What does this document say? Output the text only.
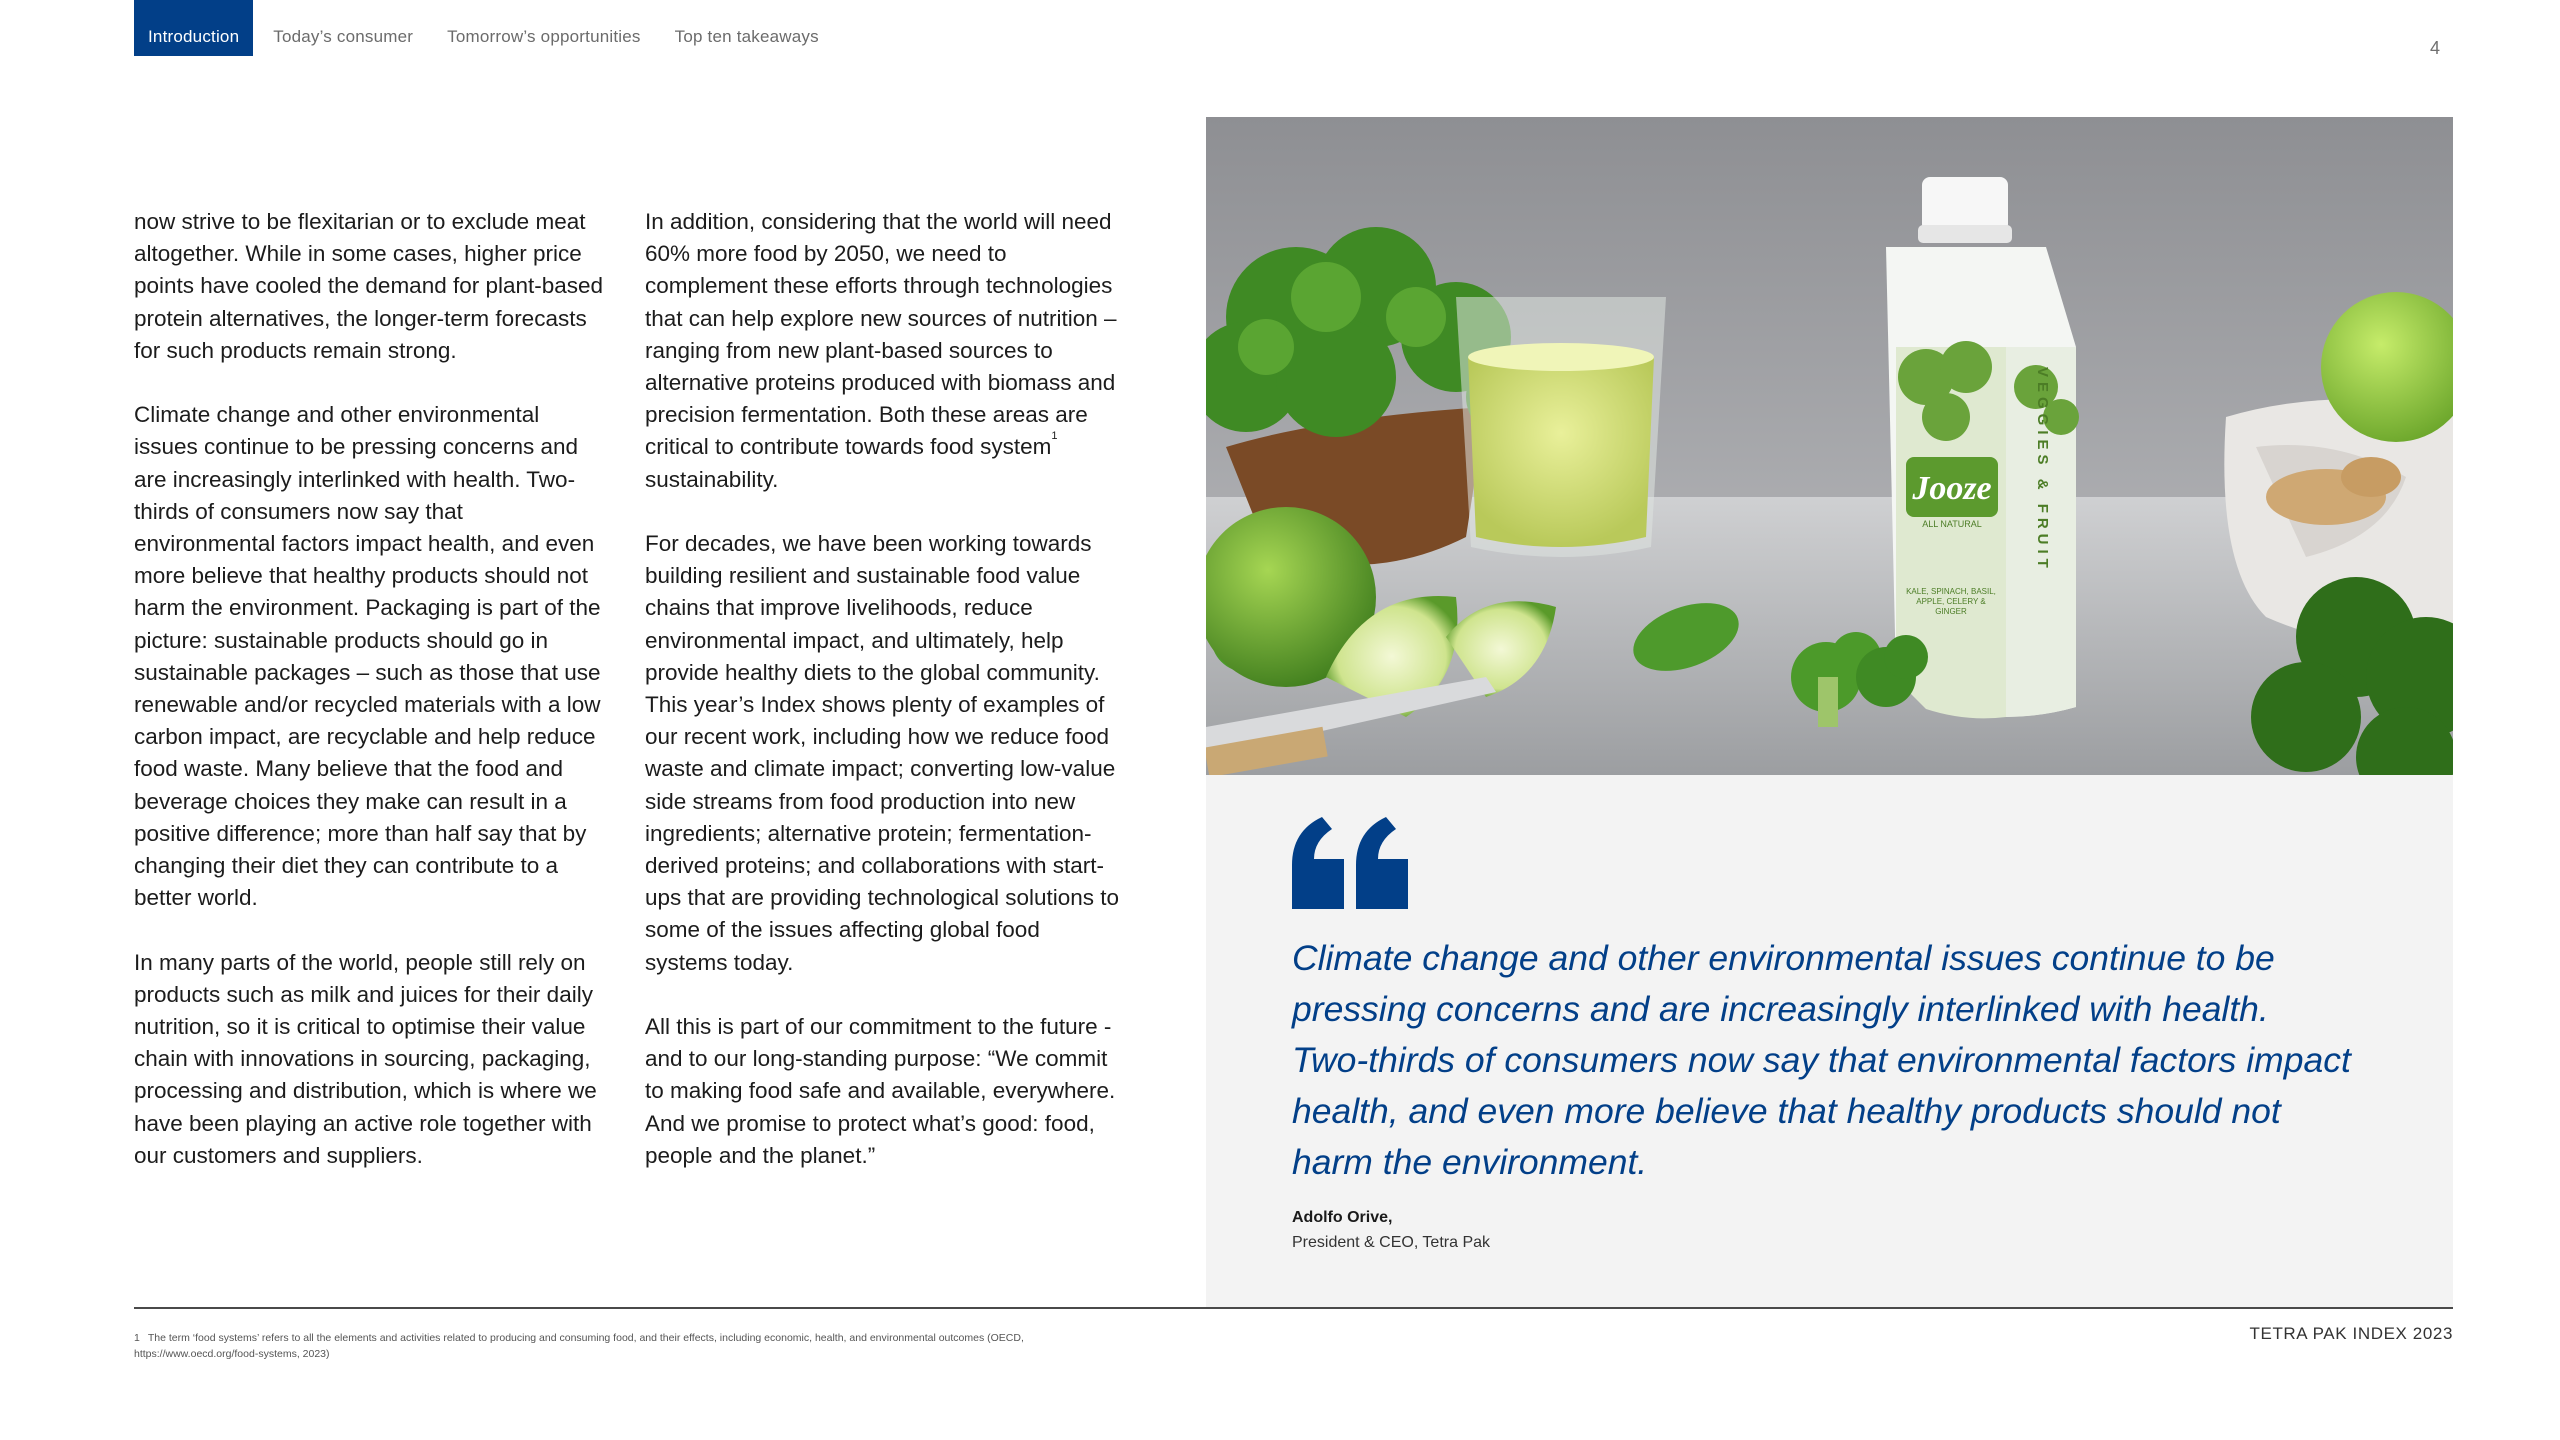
Introduction	Today’s consumer	Tomorrow’s opportunities	Top ten takeaways
4

now strive to be flexitarian or to exclude meat altogether. While in some cases, higher price points have cooled the demand for plant-based protein alternatives, the longer-term forecasts for such products remain strong.

Climate change and other environmental issues continue to be pressing concerns and are increasingly interlinked with health. Two-thirds of consumers now say that environmental factors impact health, and even more believe that healthy products should not harm the environment. Packaging is part of the picture: sustainable products should go in sustainable packages – such as those that use renewable and/or recycled materials with a low carbon impact, are recyclable and help reduce food waste. Many believe that the food and beverage choices they make can result in a positive difference; more than half say that by changing their diet they can contribute to a better world.

In many parts of the world, people still rely on products such as milk and juices for their daily nutrition, so it is critical to optimise their value chain with innovations in sourcing, packaging, processing and distribution, which is where we have been playing an active role together with our customers and suppliers.

In addition, considering that the world will need 60% more food by 2050, we need to complement these efforts through technologies that can help explore new sources of nutrition – ranging from new plant-based sources to alternative proteins produced with biomass and precision fermentation. Both these areas are critical to contribute towards food system$^1$ sustainability.

For decades, we have been working towards building resilient and sustainable food value chains that improve livelihoods, reduce environmental impact, and ultimately, help provide healthy diets to the global community. This year’s Index shows plenty of examples of our recent work, including how we reduce food waste and climate impact; converting low-value side streams from food production into new ingredients; alternative protein; fermentation-derived proteins; and collaborations with start-ups that are providing technological solutions to some of the issues affecting global food systems today.

All this is part of our commitment to the future - and to our long-standing purpose: “We commit to making food safe and available, everywhere. And we promise to protect what’s good: food, people and the planet.”

Jooze
ALL NATURAL	VEGGIES & FRUIT
KALE, SPINACH, BASIL, APPLE, CELERY & GINGER
Climate change and other environmental issues continue to be pressing concerns and are increasingly interlinked with health. Two-thirds of consumers now say that environmental factors impact health, and even more believe that healthy products should not harm the environment.
Adolfo Orive,
President & CEO, Tetra Pak
1 The term ‘food systems’ refers to all the elements and activities related to producing and consuming food, and their effects, including economic, health, and environmental outcomes (OECD, https://www.oecd.org/food-systems, 2023)
TETRA PAK INDEX 2023
